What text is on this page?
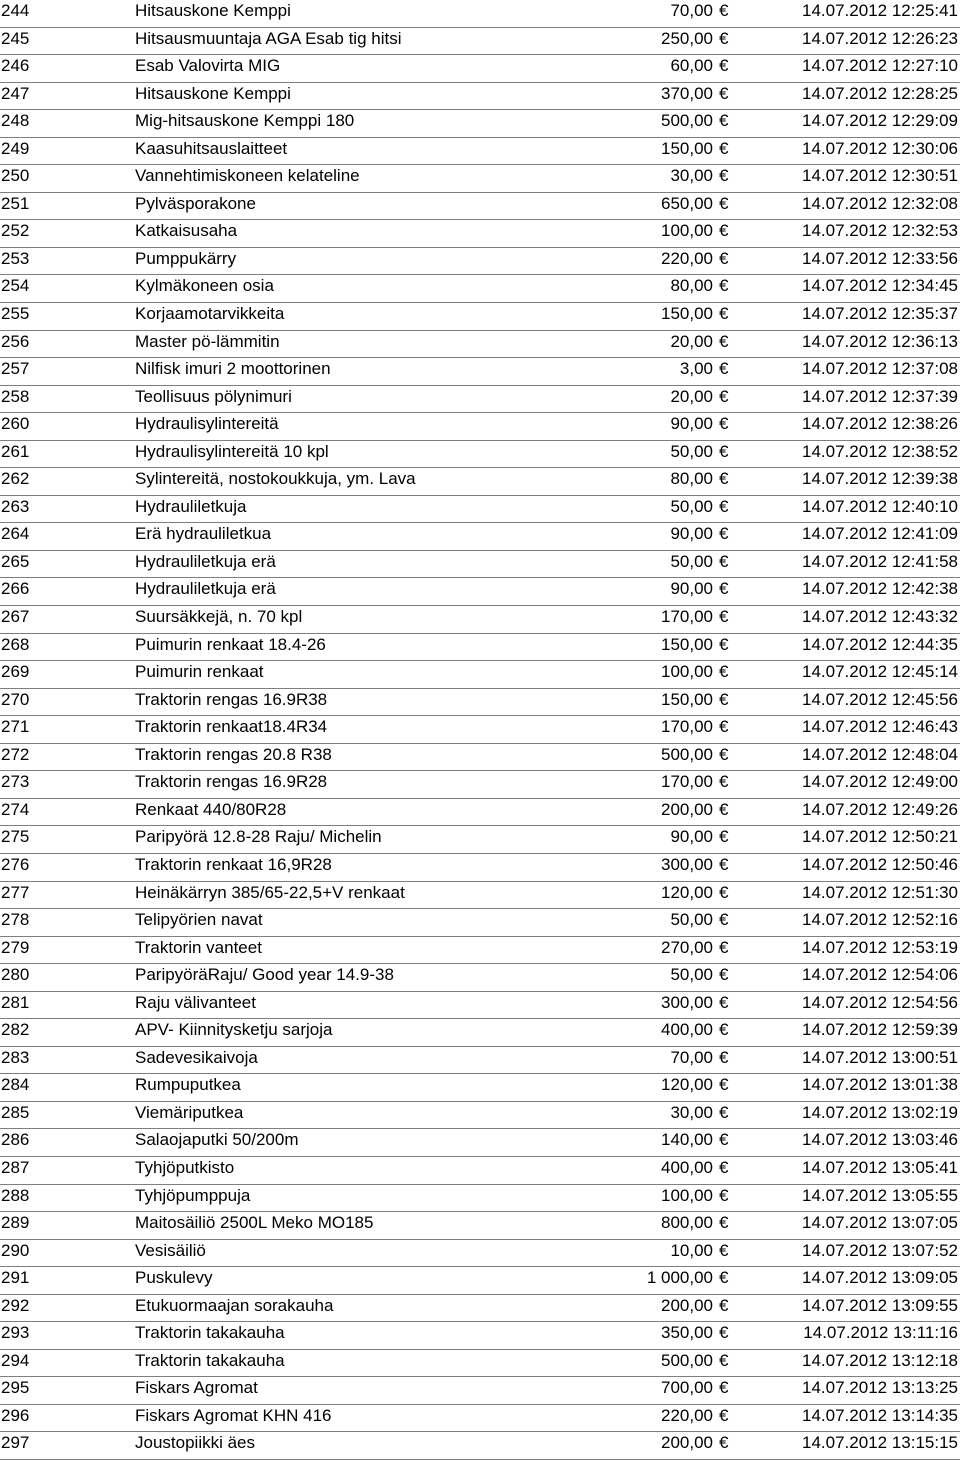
244	Hitsauskone Kemppi	70,00 €	14.07.2012 12:25:41
245	Hitsausmuuntaja AGA Esab tig hitsi	250,00 €	14.07.2012 12:26:23
246	Esab Valovirta MIG	60,00 €	14.07.2012 12:27:10
247	Hitsauskone Kemppi	370,00 €	14.07.2012 12:28:25
248	Mig-hitsauskone Kemppi 180	500,00 €	14.07.2012 12:29:09
249	Kaasuhitsauslaitteet	150,00 €	14.07.2012 12:30:06
250	Vannehtimiskoneen kelateline	30,00 €	14.07.2012 12:30:51
251	Pylväsporakone	650,00 €	14.07.2012 12:32:08
252	Katkaisusaha	100,00 €	14.07.2012 12:32:53
253	Pumppukärry	220,00 €	14.07.2012 12:33:56
254	Kylmäkoneen osia	80,00 €	14.07.2012 12:34:45
255	Korjaamotarvikkeita	150,00 €	14.07.2012 12:35:37
256	Master pö-lämmitin	20,00 €	14.07.2012 12:36:13
257	Nilfisk imuri 2 moottorinen	3,00 €	14.07.2012 12:37:08
258	Teollisuus pölynimuri	20,00 €	14.07.2012 12:37:39
260	Hydraulisylintereitä	90,00 €	14.07.2012 12:38:26
261	Hydraulisylintereitä 10 kpl	50,00 €	14.07.2012 12:38:52
262	Sylintereitä, nostokoukkuja, ym. Lava	80,00 €	14.07.2012 12:39:38
263	Hydrauliletkuja	50,00 €	14.07.2012 12:40:10
264	Erä hydrauliletkua	90,00 €	14.07.2012 12:41:09
265	Hydrauliletkuja erä	50,00 €	14.07.2012 12:41:58
266	Hydrauliletkuja erä	90,00 €	14.07.2012 12:42:38
267	Suursäkkejä, n. 70 kpl	170,00 €	14.07.2012 12:43:32
268	Puimurin renkaat 18.4-26	150,00 €	14.07.2012 12:44:35
269	Puimurin renkaat	100,00 €	14.07.2012 12:45:14
270	Traktorin rengas 16.9R38	150,00 €	14.07.2012 12:45:56
271	Traktorin renkaat18.4R34	170,00 €	14.07.2012 12:46:43
272	Traktorin rengas 20.8 R38	500,00 €	14.07.2012 12:48:04
273	Traktorin rengas 16.9R28	170,00 €	14.07.2012 12:49:00
274	Renkaat 440/80R28	200,00 €	14.07.2012 12:49:26
275	Paripyörä 12.8-28 Raju/ Michelin	90,00 €	14.07.2012 12:50:21
276	Traktorin renkaat 16,9R28	300,00 €	14.07.2012 12:50:46
277	Heinäkärryn 385/65-22,5+V renkaat	120,00 €	14.07.2012 12:51:30
278	Telipyörien navat	50,00 €	14.07.2012 12:52:16
279	Traktorin vanteet	270,00 €	14.07.2012 12:53:19
280	ParipyöräRaju/ Good year 14.9-38	50,00 €	14.07.2012 12:54:06
281	Raju välivanteet	300,00 €	14.07.2012 12:54:56
282	APV- Kiinnitysketju sarjoja	400,00 €	14.07.2012 12:59:39
283	Sadevesikaivoja	70,00 €	14.07.2012 13:00:51
284	Rumpuputkea	120,00 €	14.07.2012 13:01:38
285	Viemäriputkea	30,00 €	14.07.2012 13:02:19
286	Salaojaputki 50/200m	140,00 €	14.07.2012 13:03:46
287	Tyhjöputkisto	400,00 €	14.07.2012 13:05:41
288	Tyhjöpumppuja	100,00 €	14.07.2012 13:05:55
289	Maitosäiliö 2500L Meko MO185	800,00 €	14.07.2012 13:07:05
290	Vesisäiliö	10,00 €	14.07.2012 13:07:52
291	Puskulevy	1 000,00 €	14.07.2012 13:09:05
292	Etukuormaajan sorakauha	200,00 €	14.07.2012 13:09:55
293	Traktorin takakauha	350,00 €	14.07.2012 13:11:16
294	Traktorin takakauha	500,00 €	14.07.2012 13:12:18
295	Fiskars Agromat	700,00 €	14.07.2012 13:13:25
296	Fiskars Agromat KHN 416	220,00 €	14.07.2012 13:14:35
297	Joustopiikki äes	200,00 €	14.07.2012 13:15:15
